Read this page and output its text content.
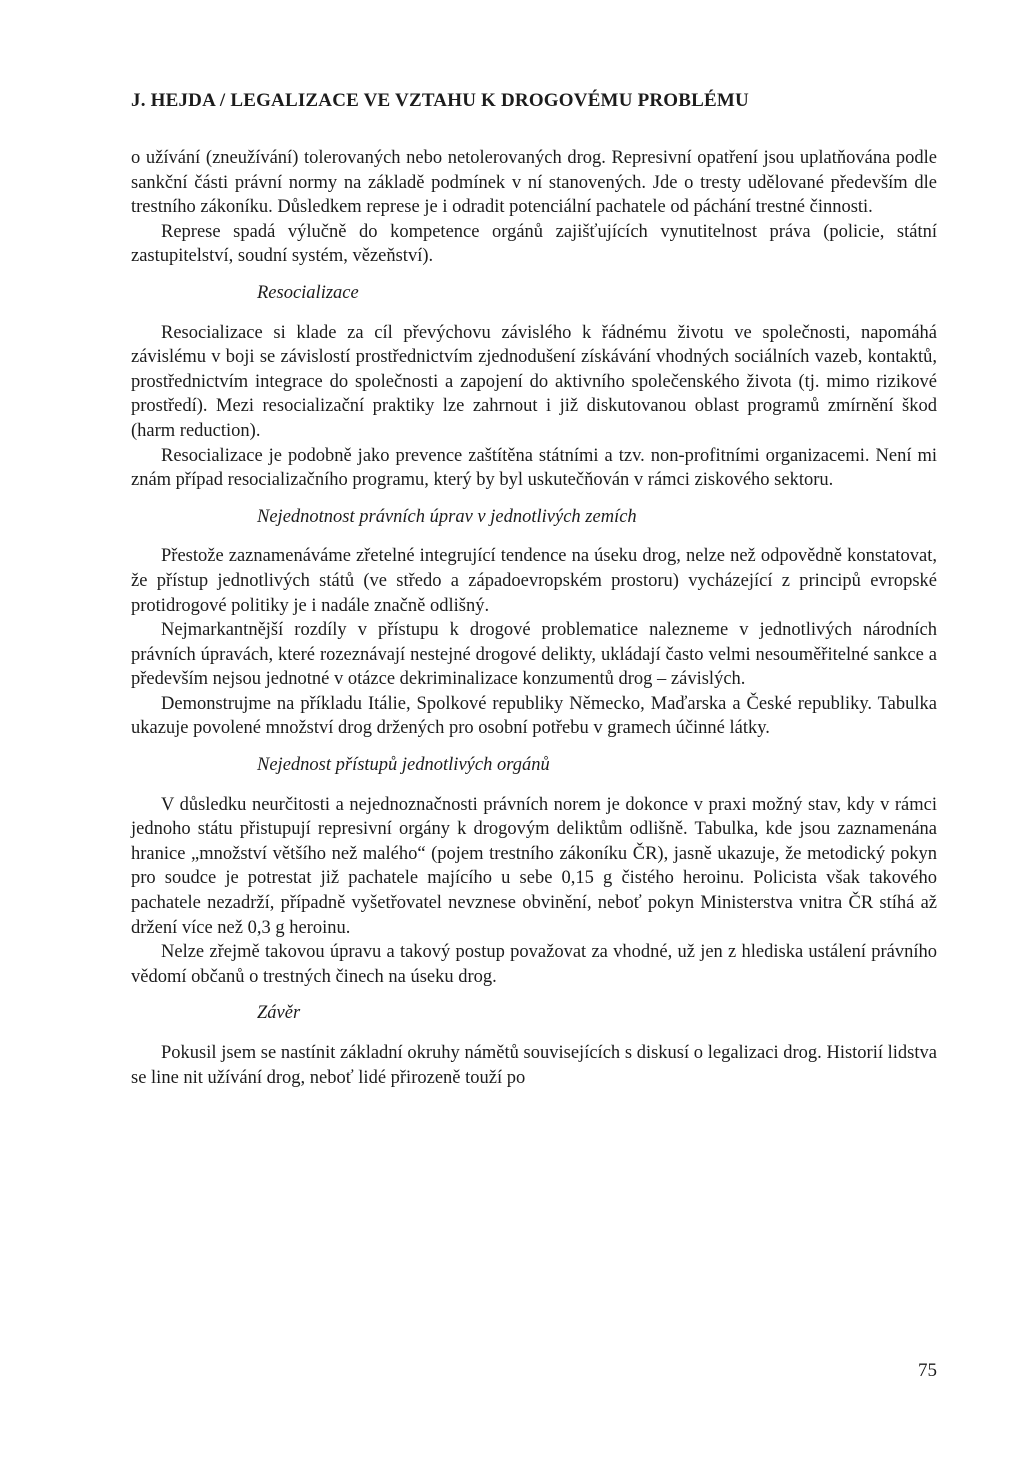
J. HEJDA / LEGALIZACE VE VZTAHU K DROGOVÉMU PROBLÉMU

o užívání (zneužívání) tolerovaných nebo netolerovaných drog. Represivní opatření jsou uplatňována podle sankční části právní normy na základě podmínek v ní stanovených. Jde o tresty udělované především dle trestního zákoníku. Důsledkem represe je i odradit potenciální pachatele od páchání trestné činnosti.

Represe spadá výlučně do kompetence orgánů zajišťujících vynutitelnost práva (policie, státní zastupitelství, soudní systém, vězeňství).

Resocializace

Resocializace si klade za cíl převýchovu závislého k řádnému životu ve společnosti, napomáhá závislému v boji se závislostí prostřednictvím zjednodušení získávání vhodných sociálních vazeb, kontaktů, prostřednictvím integrace do společnosti a zapojení do aktivního společenského života (tj. mimo rizikové prostředí). Mezi resocializační praktiky lze zahrnout i již diskutovanou oblast programů zmírnění škod (harm reduction).

Resocializace je podobně jako prevence zaštítěna státními a tzv. non-profitními organizacemi. Není mi znám případ resocializačního programu, který by byl uskutečňován v rámci ziskového sektoru.

Nejednotnost právních úprav v jednotlivých zemích

Přestože zaznamenáváme zřetelné integrující tendence na úseku drog, nelze než odpovědně konstatovat, že přístup jednotlivých států (ve středo a západoevropském prostoru) vycházející z principů evropské protidrogové politiky je i nadále značně odlišný.

Nejmarkantnější rozdíly v přístupu k drogové problematice nalezneme v jednotlivých národních právních úpravách, které rozeznávají nestejné drogové delikty, ukládají často velmi nesouměřitelné sankce a především nejsou jednotné v otázce dekriminalizace konzumentů drog – závislých.

Demonstrujme na příkladu Itálie, Spolkové republiky Německo, Maďarska a České republiky. Tabulka ukazuje povolené množství drog držených pro osobní potřebu v gramech účinné látky.

Nejednost přístupů jednotlivých orgánů

V důsledku neurčitosti a nejednoznačnosti právních norem je dokonce v praxi možný stav, kdy v rámci jednoho státu přistupují represivní orgány k drogovým deliktům odlišně. Tabulka, kde jsou zaznamenána hranice „množství většího než malého“ (pojem trestního zákoníku ČR), jasně ukazuje, že metodický pokyn pro soudce je potrestat již pachatele majícího u sebe 0,15 g čistého heroinu. Policista však takového pachatele nezadrží, případně vyšetřovatel nevznese obvinění, neboť pokyn Ministerstva vnitra ČR stíhá až držení více než 0,3 g heroinu.

Nelze zřejmě takovou úpravu a takový postup považovat za vhodné, už jen z hlediska ustálení právního vědomí občanů o trestných činech na úseku drog.

Závěr

Pokusil jsem se nastínit základní okruhy námětů souvisejících s diskusí o legalizaci drog. Historií lidstva se line nit užívání drog, neboť lidé přirozeně touží po

75
